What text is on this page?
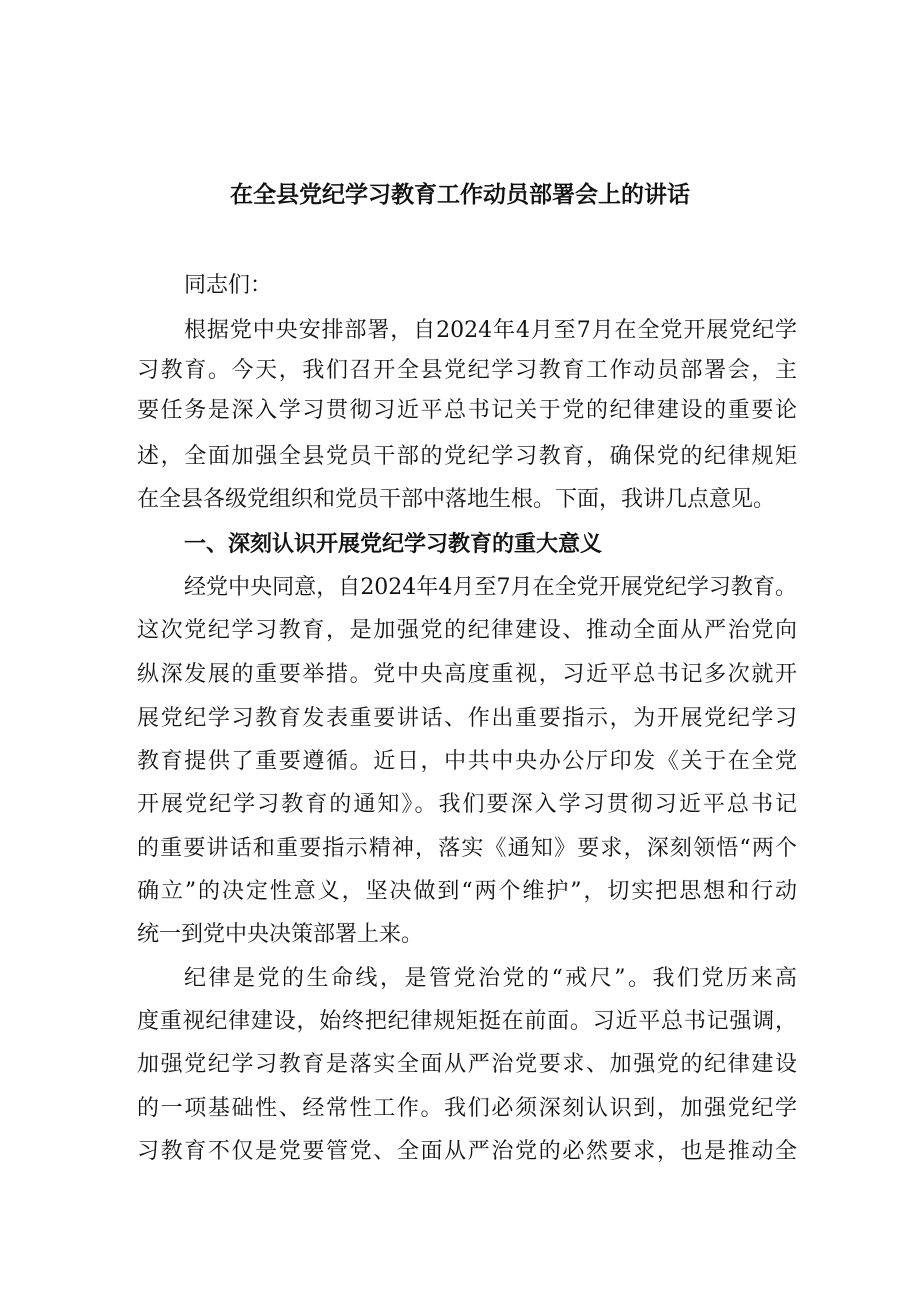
在全县党纪学习教育工作动员部署会上的讲话

同志们：

根据党中央安排部署，自2024年4月至7月在全党开展党纪学

习教育。今天，我们召开全县党纪学习教育工作动员部署会，主

要任务是深入学习贯彻习近平总书记关于党的纪律建设的重要论

述，全面加强全县党员干部的党纪学习教育，确保党的纪律规矩

在全县各级党组织和党员干部中落地生根。下面，我讲几点意见。

一、深刻认识开展党纪学习教育的重大意义

经党中央同意，自2024年4月至7月在全党开展党纪学习教育。

这次党纪学习教育，是加强党的纪律建设、推动全面从严治党向

纵深发展的重要举措。党中央高度重视，习近平总书记多次就开

展党纪学习教育发表重要讲话、作出重要指示，为开展党纪学习

教育提供了重要遵循。近日，中共中央办公厅印发《关于在全党

开展党纪学习教育的通知》。我们要深入学习贯彻习近平总书记

的重要讲话和重要指示精神，落实《通知》要求，深刻领悟“两个

确立”的决定性意义，坚决做到“两个维护”，切实把思想和行动

统一到党中央决策部署上来。

纪律是党的生命线，是管党治党的“戒尺”。我们党历来高

度重视纪律建设，始终把纪律规矩挺在前面。习近平总书记强调，

加强党纪学习教育是落实全面从严治党要求、加强党的纪律建设

的一项基础性、经常性工作。我们必须深刻认识到，加强党纪学

习教育不仅是党要管党、全面从严治党的必然要求，也是推动全
